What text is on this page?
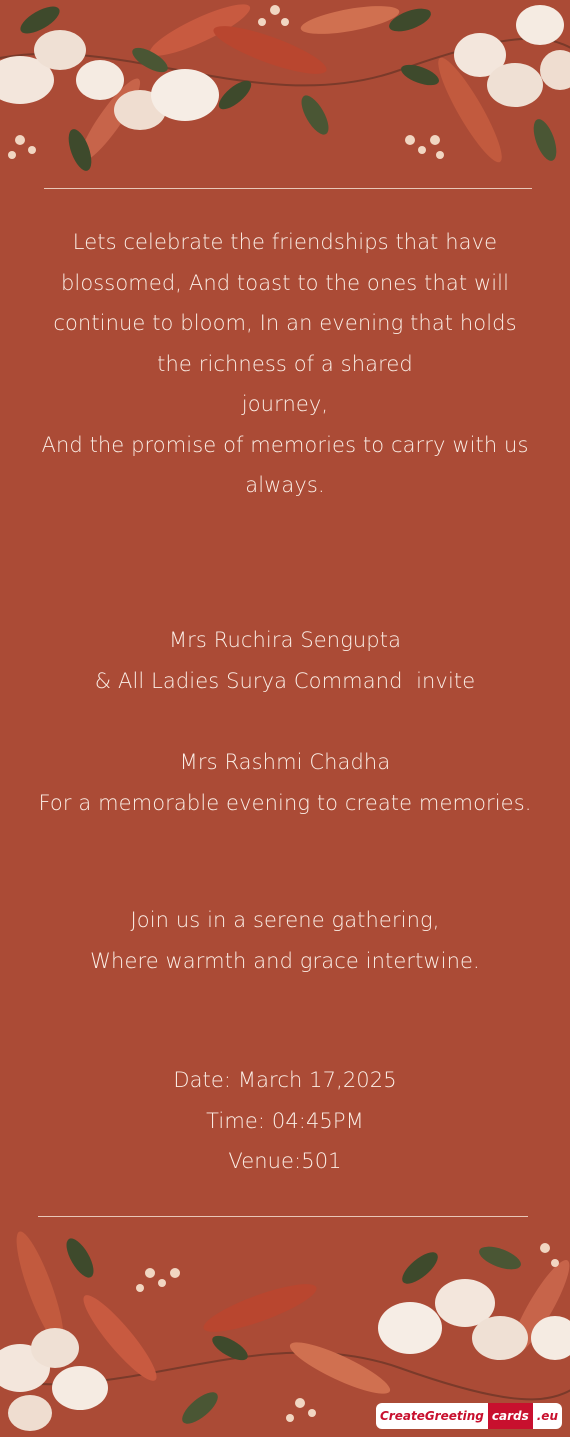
Lets celebrate the friendships that have
blossomed, And toast to the ones that will
continue to bloom, In an evening that holds
the richness of a shared
journey,
And the promise of memories to carry with us
always.
Mrs Ruchira Sengupta
& All Ladies Surya Command  invite
Mrs Rashmi Chadha
For a memorable evening to create memories.
Join us in a serene gathering,
Where warmth and grace intertwine.
Date: March 17,2025
Time: 04:45PM
Venue:501
CreateGreeting cards .eu
